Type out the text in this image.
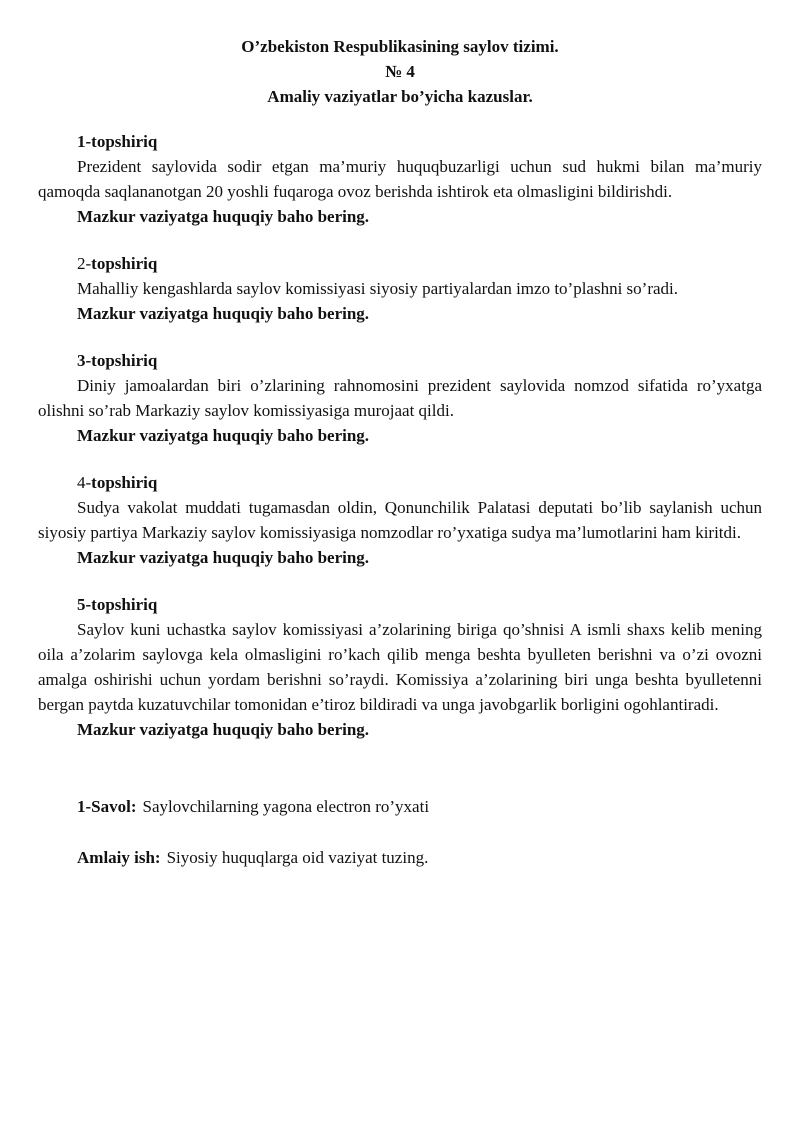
O’zbekiston Respublikasining saylov tizimi.
№ 4
Amaliy vaziyatlar bo’yicha kazuslar.
1-topshiriq
Prezident saylovida sodir etgan ma’muriy huquqbuzarligi uchun sud hukmi bilan ma’muriy qamoqda saqlananotgan 20 yoshli fuqaroga ovoz berishda ishtirok eta olmasligini bildirishdi.
Mazkur vaziyatga huquqiy baho bering.
2-topshiriq
Mahalliy kengashlarda saylov komissiyasi siyosiy partiyalardan imzo to’plashni so’radi.
Mazkur vaziyatga huquqiy baho bering.
3-topshiriq
Diniy jamoalardan biri o’zlarining rahnomosini prezident saylovida nomzod sifatida ro’yxatga olishni so’rab Markaziy saylov komissiyasiga murojaat qildi.
Mazkur vaziyatga huquqiy baho bering.
4-topshiriq
Sudya vakolat muddati tugamasdan oldin, Qonunchilik Palatasi deputati bo’lib saylanish uchun siyosiy partiya Markaziy saylov komissiyasiga nomzodlar ro’yxatiga sudya ma’lumotlarini ham kiritdi.
Mazkur vaziyatga huquqiy baho bering.
5-topshiriq
Saylov kuni uchastka saylov komissiyasi a’zolarining biriga qo’shnisi A ismli shaxs kelib mening oila a’zolarim saylovga kela olmasligini ro’kach qilib menga beshta byulleten berishni va o’zi ovozni amalga oshirishi uchun yordam berishni so’raydi. Komissiya a’zolarining biri unga beshta byulletenni bergan paytda kuzatuvchilar tomonidan e’tiroz bildiradi va unga javobgarlik borligini ogohlantiradi.
Mazkur vaziyatga huquqiy baho bering.
1-Savol: Saylovchilarning yagona electron ro’yxati
Amlaiy ish: Siyosiy huquqlarga oid vaziyat tuzing.
